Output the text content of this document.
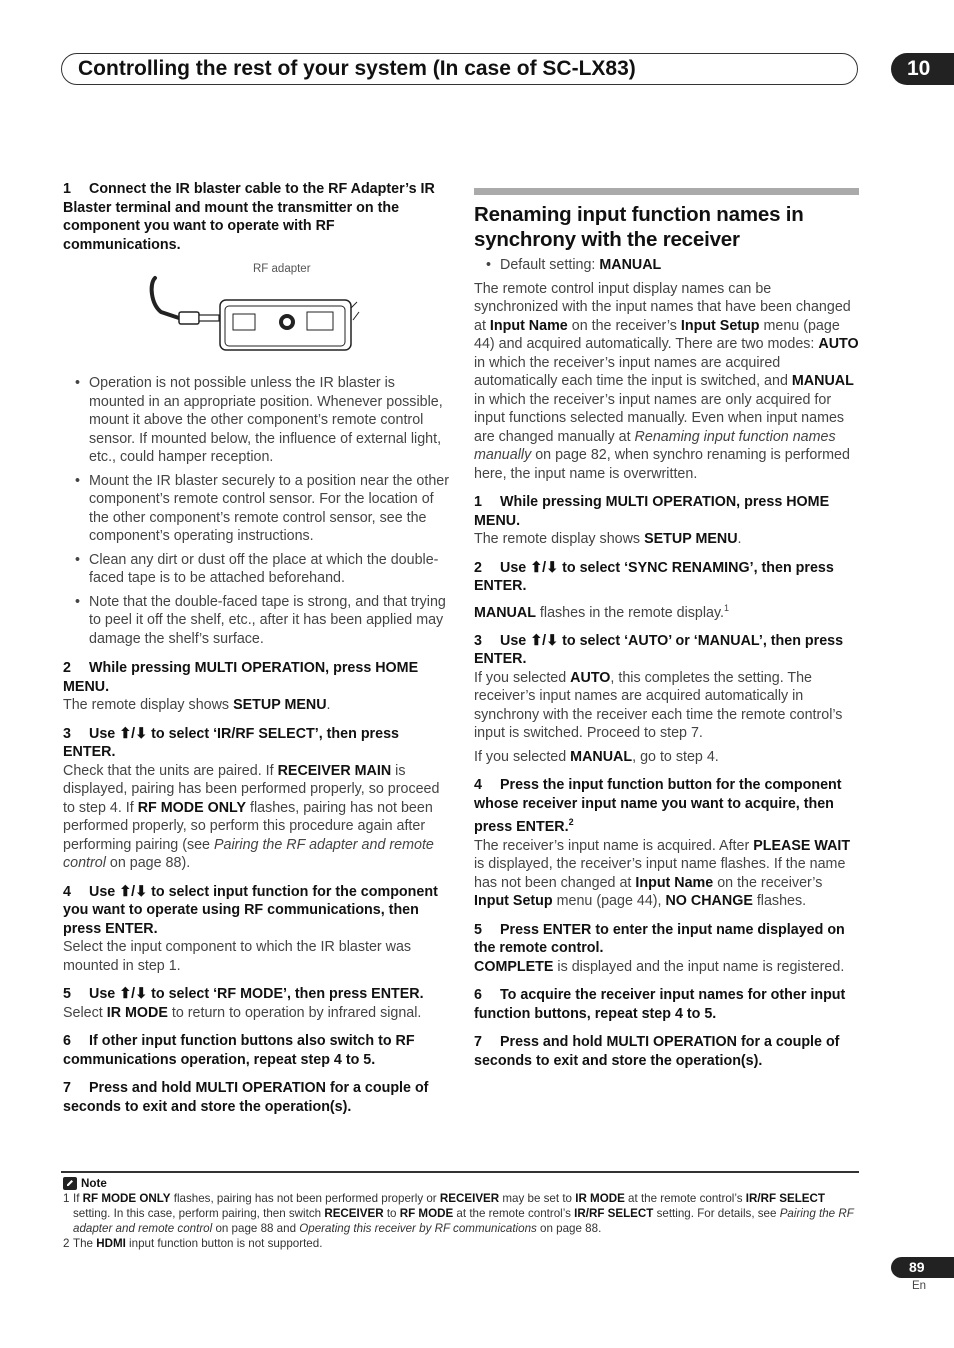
Controlling the rest of your system (In case of SC-LX83)	10
1 Connect the IR blaster cable to the RF Adapter’s IR Blaster terminal and mount the transmitter on the component you want to operate with RF communications.
RF adapter
• Operation is not possible unless the IR blaster is mounted in an appropriate position. Whenever possible, mount it above the other component’s remote control sensor. If mounted below, the influence of external light, etc., could hamper reception.
• Mount the IR blaster securely to a position near the other component’s remote control sensor. For the location of the other component’s remote control sensor, see the component’s operating instructions.
• Clean any dirt or dust off the place at which the double-faced tape is to be attached beforehand.
• Note that the double-faced tape is strong, and that trying to peel it off the shelf, etc., after it has been applied may damage the shelf’s surface.
2 While pressing MULTI OPERATION, press HOME MENU.

The remote display shows SETUP MENU.

3 Use ⬆/⬇ to select ‘IR/RF SELECT’, then press ENTER.

Check that the units are paired. If RECEIVER MAIN is displayed, pairing has been performed properly, so proceed to step 4. If RF MODE ONLY flashes, pairing has not been performed properly, so perform this procedure again after performing pairing (see Pairing the RF adapter and remote control on page 88).

4 Use ⬆/⬇ to select input function for the component you want to operate using RF communications, then press ENTER.

Select the input component to which the IR blaster was mounted in step 1.

5 Use ⬆/⬇ to select ‘RF MODE’, then press ENTER.

Select IR MODE to return to operation by infrared signal.

6 If other input function buttons also switch to RF communications operation, repeat step 4 to 5.
7 Press and hold MULTI OPERATION for a couple of seconds to exit and store the operation(s).
Renaming input function names in synchrony with the receiver
• Default setting: MANUAL

The remote control input display names can be synchronized with the input names that have been changed at Input Name on the receiver’s Input Setup menu (page 44) and acquired automatically. There are two modes: AUTO in which the receiver’s input names are acquired automatically each time the input is switched, and MANUAL in which the receiver’s input names are only acquired for input functions selected manually. Even when input names are changed manually at Renaming input function names manually on page 82, when synchro renaming is performed here, the input name is overwritten.

1 While pressing MULTI OPERATION, press HOME MENU.

The remote display shows SETUP MENU.

2 Use ⬆/⬇ to select ‘SYNC RENAMING’, then press ENTER.

MANUAL flashes in the remote display.$^1$

3 Use ⬆/⬇ to select ‘AUTO’ or ‘MANUAL’, then press ENTER.

If you selected AUTO, this completes the setting. The receiver’s input names are acquired automatically in synchrony with the receiver each time the remote control’s input is switched. Proceed to step 7.

If you selected MANUAL, go to step 4.

4 Press the input function button for the component whose receiver input name you want to acquire, then press ENTER.$^2$

The receiver’s input name is acquired. After PLEASE WAIT is displayed, the receiver’s input name flashes. If the name has not been changed at Input Name on the receiver’s Input Setup menu (page 44), NO CHANGE flashes.

5 Press ENTER to enter the input name displayed on the remote control.

COMPLETE is displayed and the input name is registered.

6 To acquire the receiver input names for other input function buttons, repeat step 4 to 5.
7 Press and hold MULTI OPERATION for a couple of seconds to exit and store the operation(s).
Note
1 If RF MODE ONLY flashes, pairing has not been performed properly or RECEIVER may be set to IR MODE at the remote control’s IR/RF SELECT setting. In this case, perform pairing, then switch RECEIVER to RF MODE at the remote control’s IR/RF SELECT setting. For details, see Pairing the RF adapter and remote control on page 88 and Operating this receiver by RF communications on page 88.
2 The HDMI input function button is not supported.
89
En
